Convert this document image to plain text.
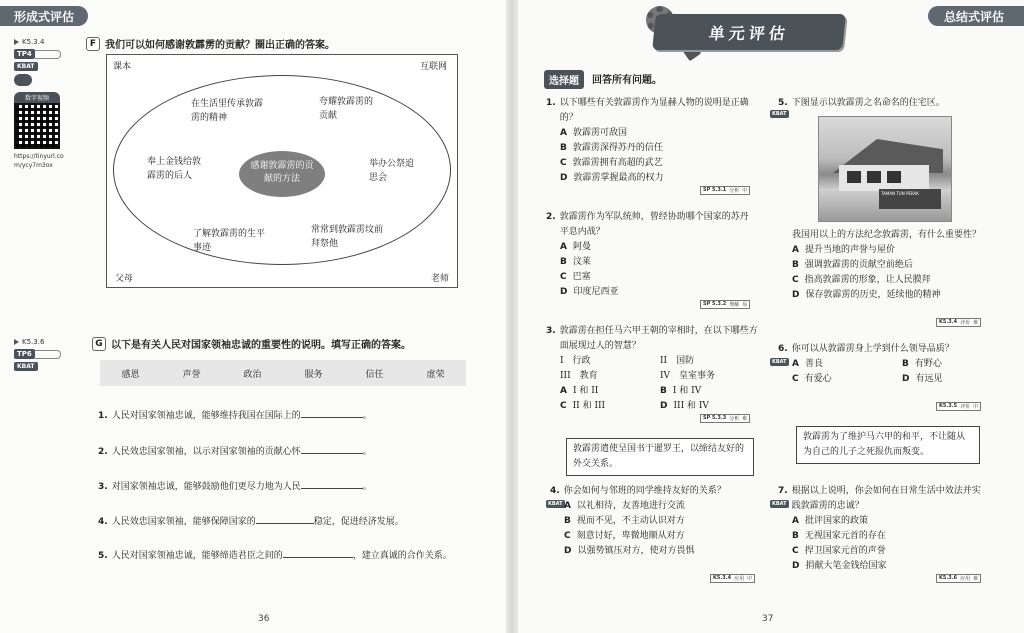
形成式评估
K5.3.4
TP4
KBAT
数字视频
https://tinyurl.com/ycy7m3ox
F 我们可以如何感谢敦霹雳的贡献？圈出正确的答案。
课本	互联网
父母	老师
感谢敦霹雳的贡献的方法
在生活里传承敦霹雳的精神
夸耀敦霹雳的贡献
奉上金钱给敦霹雳的后人
举办公祭追思会
了解敦霹雳的生平事迹
常常到敦霹雳坟前拜祭他
K5.3.6
TP6
KBAT
G 以下是有关人民对国家领袖忠诚的重要性的说明。填写正确的答案。
感恩	声誉	政治	服务	信任	虚荣
1. 人民对国家领袖忠诚，能够维持我国在国际上的	。
2. 人民效忠国家领袖，以示对国家领袖的贡献心怀	。
3. 对国家领袖忠诚，能够鼓励他们更尽力地为人民	。
4. 人民效忠国家领袖，能够保障国家的	稳定，促进经济发展。
5. 人民对国家领袖忠诚，能够缔造君臣之间的	，建立真诚的合作关系。
36
总结式评估
单元评估
选择题	回答所有问题。
1. 以下哪些有关敦霹雳作为显赫人物的说明是正确的？
A 敦霹雳可敌国
B 敦霹雳深得苏丹的信任
C 敦霹雳拥有高超的武艺
D 敦霹雳掌握最高的权力
SP 5.3.1 分析 中
2. 敦霹雳作为军队统帅，曾经协助哪个国家的苏丹平息内战？
A 阿曼
B 汶莱
C 巴塞
D 印度尼西亚
SP 5.3.2 理解 易
3. 敦霹雳在担任马六甲王朝的宰相时，在以下哪些方面展现过人的智慧？
I　行政	II　国防
III　教育	IV　皇室事务
A I 和 II	B I 和 IV
C II 和 III	D III 和 IV
SP 5.3.3 分析 难
敦霹雳遣使呈国书于暹罗王，以缔结友好的外交关系。
KBAT
4. 你会如何与邻班的同学维持友好的关系？
A 以礼相待，友善地进行交流
B 视而不见，不主动认识对方
C 刻意讨好，卑微地顺从对方
D 以强势镇压对方，使对方畏惧
K5.3.4 应用 中
KBAT
5. 下图显示以敦霹雳之名命名的住宅区。
TAMAN TUN PERAK
我国用以上的方法纪念敦霹雳，有什么重要性？
A 提升当地的声誉与屋价
B 强调敦霹雳的贡献空前绝后
C 指高敦霹雳的形象，让人民膜拜
D 保存敦霹雳的历史，延续他的精神
K5.3.4 评价 难
KBAT
6. 你可以从敦霹雳身上学到什么领导品质？
A 善良	B 有野心
C 有爱心	D 有远见
K5.3.5 评价 中
敦霹雳为了维护马六甲的和平，不让随从为自己的儿子之死报仇而叛变。
KBAT
7. 根据以上说明，你会如何在日常生活中效法并实践敦霹雳的忠诚？
A 批评国家的政策
B 无视国家元首的存在
C 捍卫国家元首的声誉
D 捐献大笔金钱给国家
K5.3.6 应用 难
37
